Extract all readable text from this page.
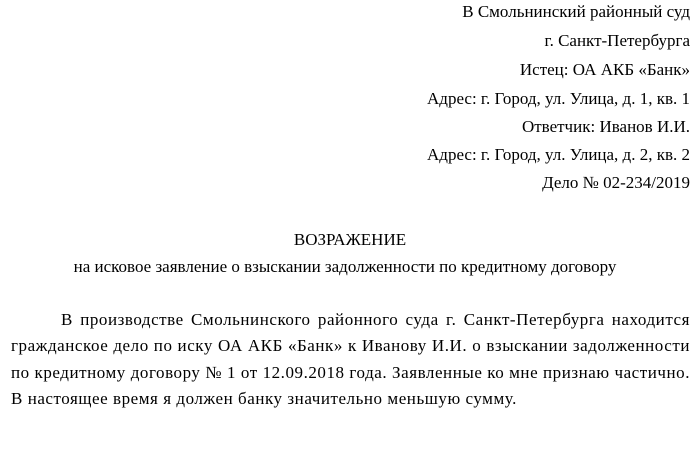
В Смольнинский районный суд
г. Санкт-Петербурга
Истец: ОА АКБ «Банк»
Адрес: г. Город, ул. Улица, д. 1, кв. 1
Ответчик: Иванов И.И.
Адрес: г. Город, ул. Улица, д. 2, кв. 2
Дело № 02-234/2019
ВОЗРАЖЕНИЕ
на исковое заявление о взыскании задолженности по кредитному договору

В производстве Смольнинского районного суда г. Санкт-Петербурга находится гражданское дело по иску ОА АКБ «Банк» к Иванову И.И. о взыскании задолженности по кредитному договору № 1 от 12.09.2018 года. Заявленные ко мне признаю частично. В настоящее время я должен банку значительно меньшую сумму.
